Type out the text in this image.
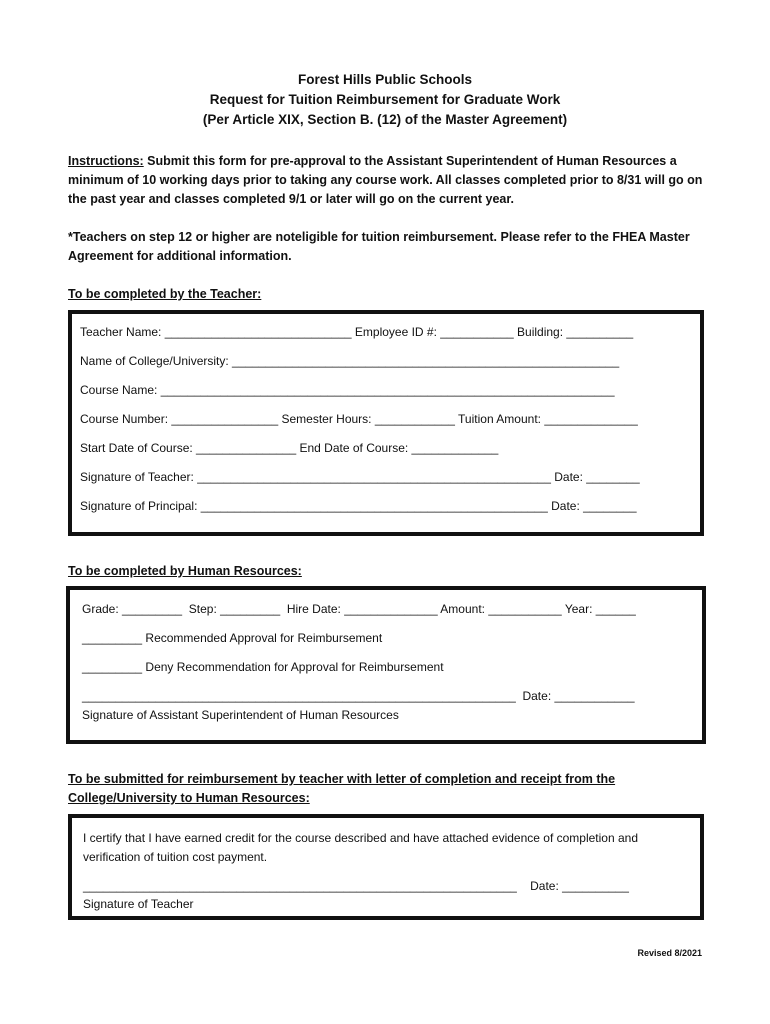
Forest Hills Public Schools
Request for Tuition Reimbursement for Graduate Work
(Per Article XIX, Section B. (12) of the Master Agreement)
Instructions: Submit this form for pre-approval to the Assistant Superintendent of Human Resources a minimum of 10 working days prior to taking any course work. All classes completed prior to 8/31 will go on the past year and classes completed 9/1 or later will go on the current year.
*Teachers on step 12 or higher are noteligible for tuition reimbursement. Please refer to the FHEA Master Agreement for additional information.
To be completed by the Teacher:
Teacher Name: ____________________________ Employee ID #: ___________ Building: __________
Name of College/University: __________________________________________________________
Course Name: ____________________________________________________________________
Course Number: ________________ Semester Hours: ____________ Tuition Amount: ______________
Start Date of Course: _______________ End Date of Course: _____________
Signature of Teacher: _____________________________________________________ Date: ________
Signature of Principal: ____________________________________________________ Date: ________
To be completed by Human Resources:
Grade: _________  Step: _________  Hire Date: ______________ Amount: ___________ Year: ______
_________ Recommended Approval for Reimbursement
_________ Deny Recommendation for Approval for Reimbursement
_________________________________________________________________  Date: ____________
Signature of Assistant Superintendent of Human Resources
To be submitted for reimbursement by teacher with letter of completion and receipt from the College/University to Human Resources:
I certify that I have earned credit for the course described and have attached evidence of completion and
verification of tuition cost payment.
_________________________________________________________________    Date: __________
Signature of Teacher
Revised 8/2021
